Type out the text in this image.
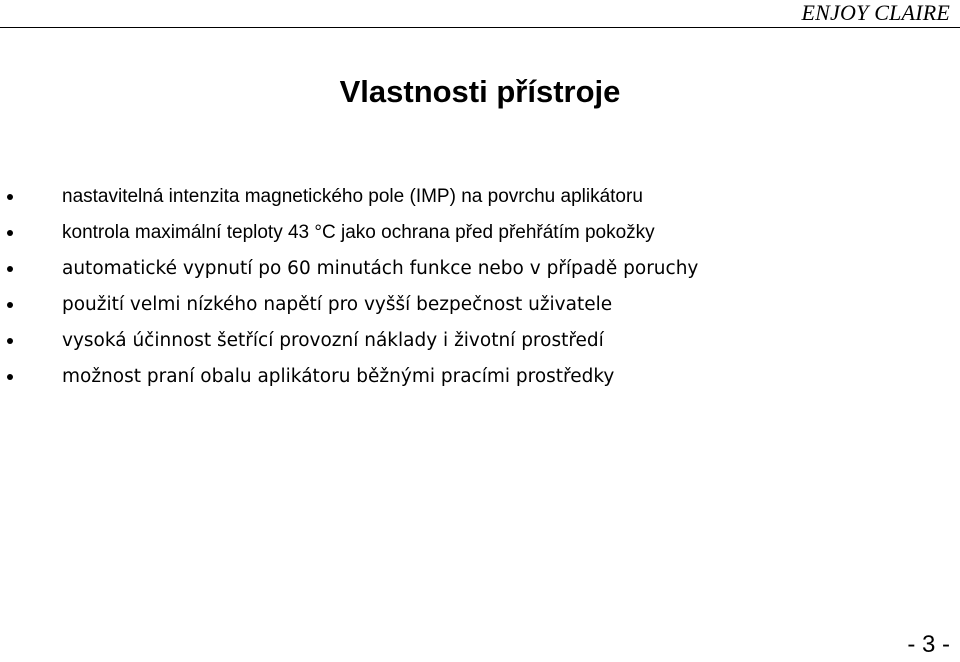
ENJOY CLAIRE
Vlastnosti přístroje
nastavitelná intenzita magnetického pole (IMP) na povrchu aplikátoru
kontrola maximální teploty 43 °C jako ochrana před přehřátím pokožky
automatické vypnutí po 60 minutách funkce nebo v případě poruchy
použití velmi nízkého napětí pro vyšší bezpečnost uživatele
vysoká účinnost šetřící provozní náklady i životní prostředí
možnost praní obalu aplikátoru běžnými pracími prostředky
- 3 -
